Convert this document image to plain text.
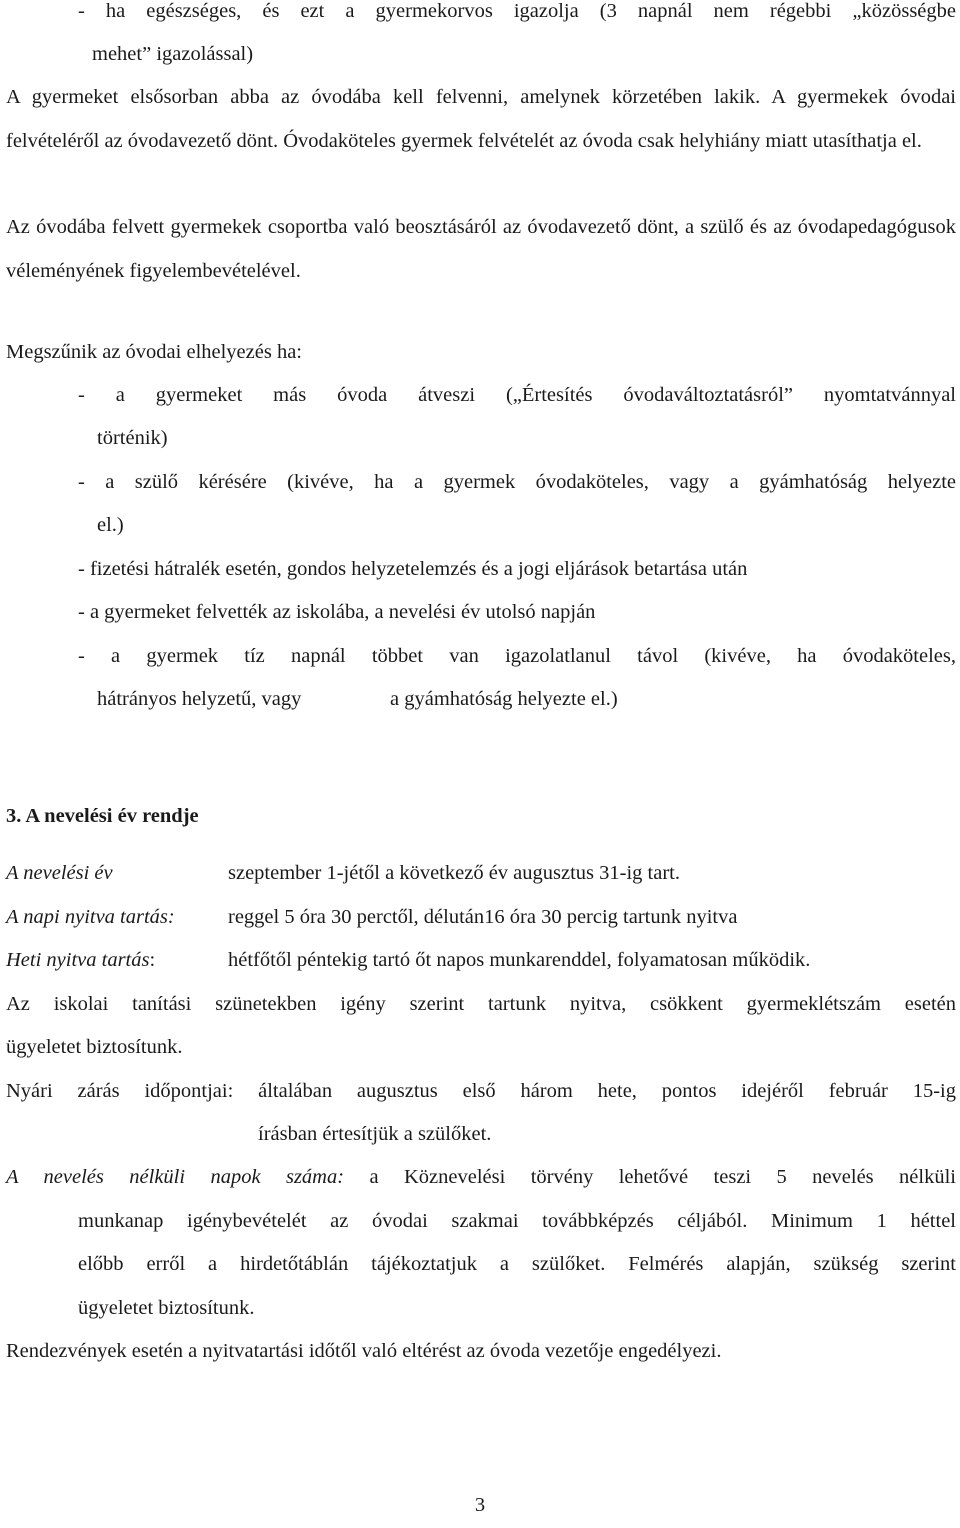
- ha egészséges, és ezt a gyermekorvos igazolja (3 napnál nem régebbi „közösségbe

mehet” igazolással)

A gyermeket elsősorban abba az óvodába kell felvenni, amelynek körzetében lakik. A gyermekek óvodai felvételéről az óvodavezető dönt. Óvodaköteles gyermek felvételét az óvoda csak helyhiány miatt utasíthatja el.

Az óvodába felvett gyermekek csoportba való beosztásáról az óvodavezető dönt, a szülő és az óvodapedagógusok véleményének figyelembevételével.

Megszűnik az óvodai elhelyezés ha:

- a gyermeket más óvoda átveszi („Értesítés óvodaváltoztatásról” nyomtatvánnyal

történik)

- a szülő kérésére (kivéve, ha a gyermek óvodaköteles, vagy a gyámhatóság helyezte

el.)

- fizetési hátralék esetén, gondos helyzetelemzés és a jogi eljárások betartása után

- a gyermeket felvették az iskolába, a nevelési év utolsó napján

- a gyermek tíz napnál többet van igazolatlanul távol (kivéve, ha óvodaköteles,

hátrányos helyzetű, vagy	a gyámhatóság helyezte el.)

3. A nevelési év rendje

A nevelési év	szeptember 1-jétől a következő év augusztus 31-ig tart.

A napi nyitva tartás:	reggel 5 óra 30 perctől, délután16 óra 30 percig tartunk nyitva

Heti nyitva tartás:	hétfőtől péntekig tartó őt napos munkarenddel, folyamatosan működik.

Az iskolai tanítási szünetekben igény szerint tartunk nyitva, csökkent gyermeklétszám esetén

ügyeletet biztosítunk.

Nyári zárás időpontjai: általában augusztus első három hete, pontos idejéről február 15-ig

írásban értesítjük a szülőket.

A nevelés nélküli napok száma: a Köznevelési törvény lehetővé teszi 5 nevelés nélküli

munkanap igénybevételét az óvodai szakmai továbbképzés céljából. Minimum 1 héttel

előbb erről a hirdetőtáblán tájékoztatjuk a szülőket. Felmérés alapján, szükség szerint

ügyeletet biztosítunk.

Rendezvények esetén a nyitvatartási időtől való eltérést az óvoda vezetője engedélyezi.

3
